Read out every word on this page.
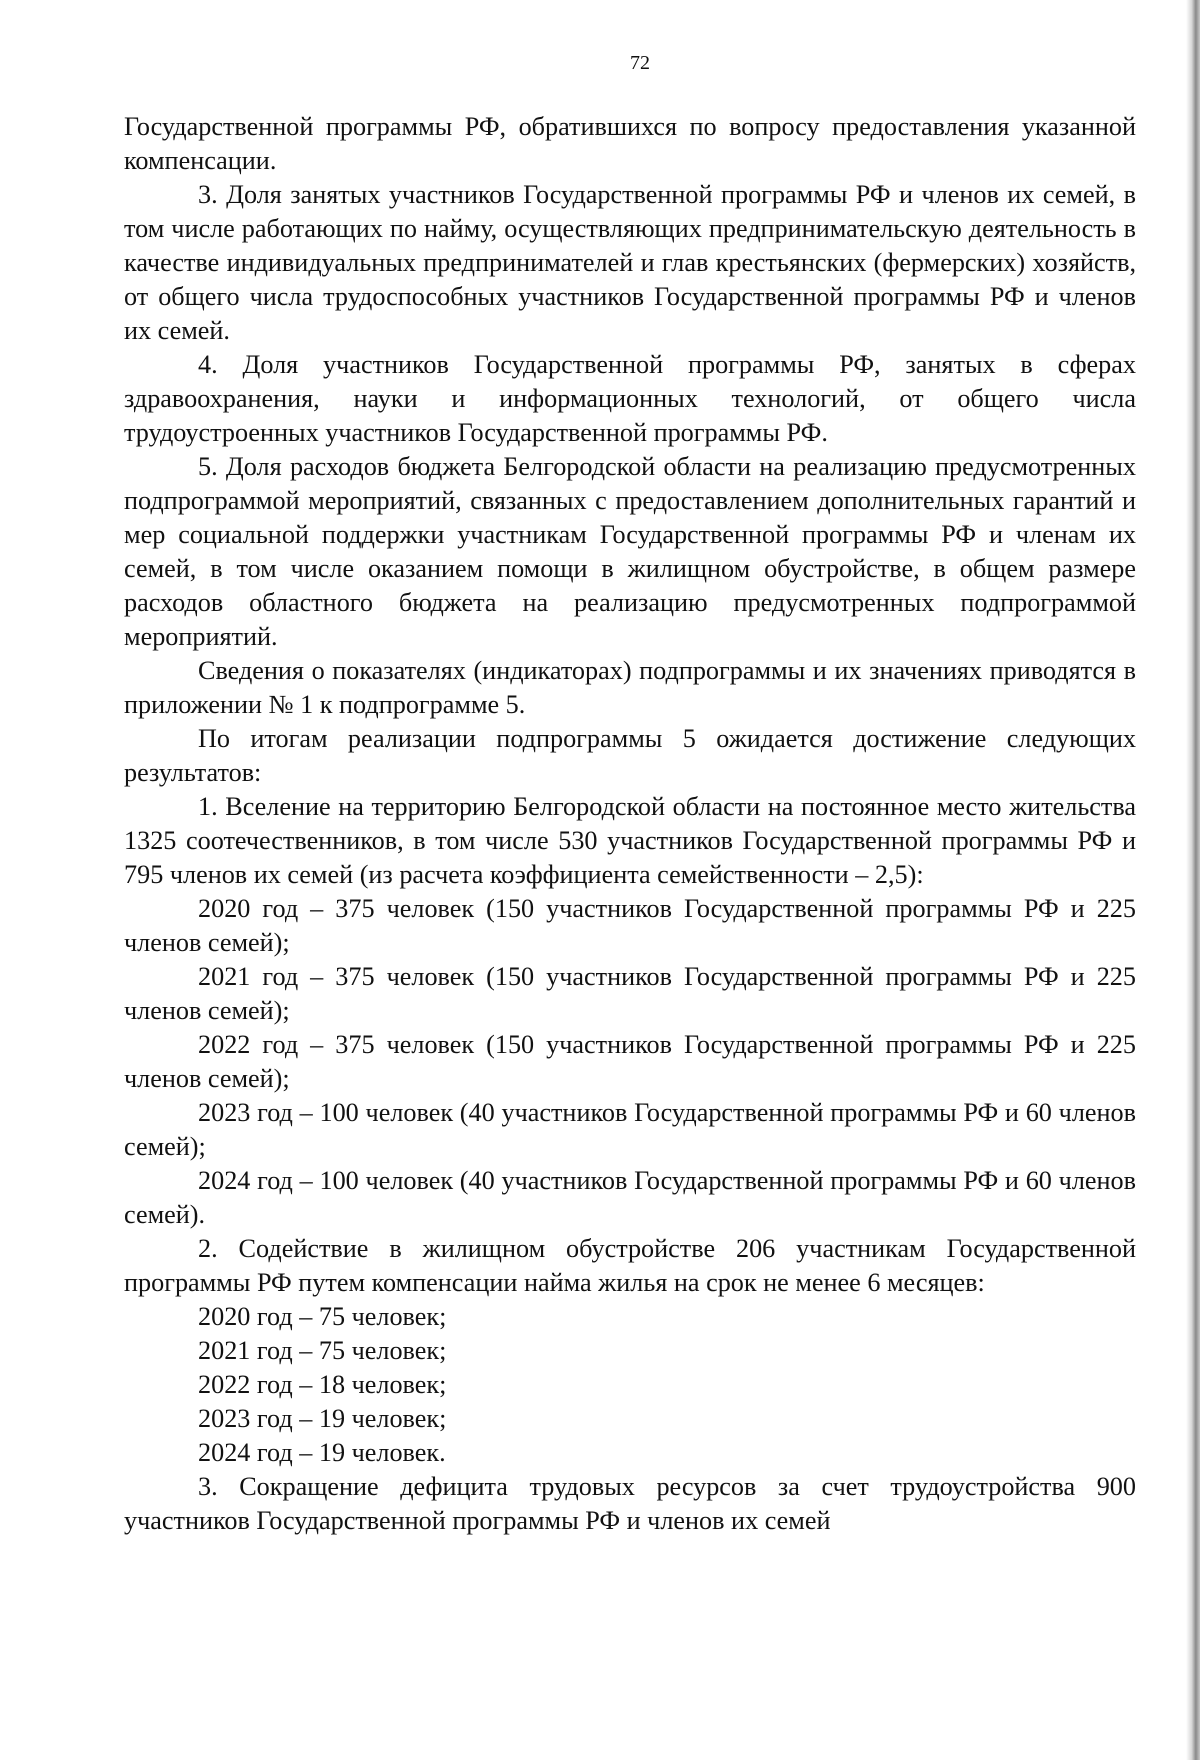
72

Государственной программы РФ, обратившихся по вопросу предоставления указанной компенсации.

3. Доля занятых участников Государственной программы РФ и членов их семей, в том числе работающих по найму, осуществляющих предпринимательскую деятельность в качестве индивидуальных предпринимателей и глав крестьянских (фермерских) хозяйств, от общего числа трудоспособных участников Государственной программы РФ и членов их семей.

4. Доля участников Государственной программы РФ, занятых в сферах здравоохранения, науки и информационных технологий, от общего числа трудоустроенных участников Государственной программы РФ.

5. Доля расходов бюджета Белгородской области на реализацию предусмотренных подпрограммой мероприятий, связанных с предоставлением дополнительных гарантий и мер социальной поддержки участникам Государственной программы РФ и членам их семей, в том числе оказанием помощи в жилищном обустройстве, в общем размере расходов областного бюджета на реализацию предусмотренных подпрограммой мероприятий.

Сведения о показателях (индикаторах) подпрограммы и их значениях приводятся в приложении № 1 к подпрограмме 5.

По итогам реализации подпрограммы 5 ожидается достижение следующих результатов:

1. Вселение на территорию Белгородской области на постоянное место жительства 1325 соотечественников, в том числе 530 участников Государственной программы РФ и 795 членов их семей (из расчета коэффициента семейственности – 2,5):

2020 год – 375 человек (150 участников Государственной программы РФ и 225 членов семей);

2021 год – 375 человек (150 участников Государственной программы РФ и 225 членов семей);

2022 год – 375 человек (150 участников Государственной программы РФ и 225 членов семей);

2023 год – 100 человек (40 участников Государственной программы РФ и 60 членов семей);

2024 год – 100 человек (40 участников Государственной программы РФ и 60 членов семей).

2. Содействие в жилищном обустройстве 206 участникам Государственной программы РФ путем компенсации найма жилья на срок не менее 6 месяцев:

2020 год – 75 человек;

2021 год – 75 человек;

2022 год – 18 человек;

2023 год – 19 человек;

2024 год – 19 человек.

3. Сокращение дефицита трудовых ресурсов за счет трудоустройства 900 участников Государственной программы РФ и членов их семей
